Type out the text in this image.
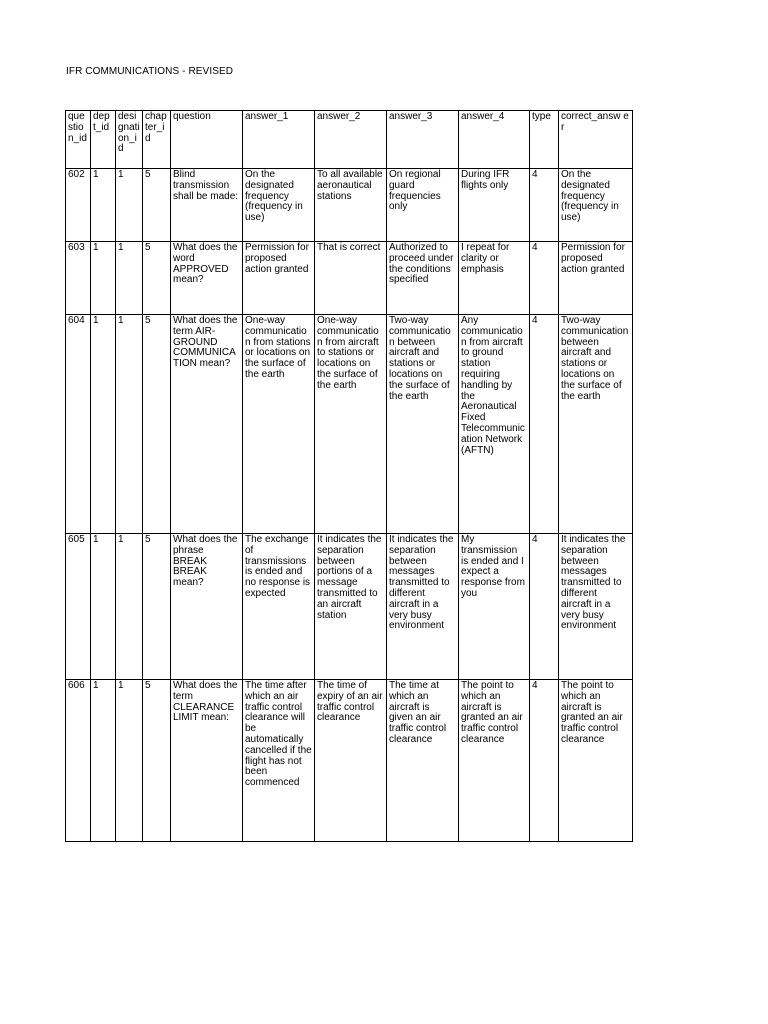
IFR COMMUNICATIONS - REVISED
que stio n_id	dep t_id	desi gnati on_i d	chap ter_i d	question	answer_1	answer_2	answer_3	answer_4	type	correct_answ er
602	1	1	5	Blind transmission shall be made:	On the designated frequency (frequency in use)	To all available aeronautical stations	On regional guard frequencies only	During IFR flights only	4	On the designated frequency (frequency in use)
603	1	1	5	What does the word APPROVED mean?	Permission for proposed action granted	That is correct	Authorized to proceed under the conditions specified	I repeat for clarity or emphasis	4	Permission for proposed action granted
604	1	1	5	What does the term AIR-GROUND COMMUNICATION mean?	One-way communication from stations or locations on the surface of the earth	One-way communication from aircraft to stations or locations on the surface of the earth	Two-way communication between aircraft and stations or locations on the surface of the earth	Any communication from aircraft to ground station requiring handling by the Aeronautical Fixed Telecommunication Network (AFTN)	4	Two-way communication between aircraft and stations or locations on the surface of the earth
605	1	1	5	What does the phrase BREAK BREAK mean?	The exchange of transmissions is ended and no response is expected	It indicates the separation between portions of a message transmitted to an aircraft station	It indicates the separation between messages transmitted to different aircraft in a very busy environment	My transmission is ended and I expect a response from you	4	It indicates the separation between messages transmitted to different aircraft in a very busy environment
606	1	1	5	What does the term CLEARANCE LIMIT mean:	The time after which an air traffic control clearance will be automatically cancelled if the flight has not been commenced	The time of expiry of an air traffic control clearance	The time at which an aircraft is given an air traffic control clearance	The point to which an aircraft is granted an air traffic control clearance	4	The point to which an aircraft is granted an air traffic control clearance
